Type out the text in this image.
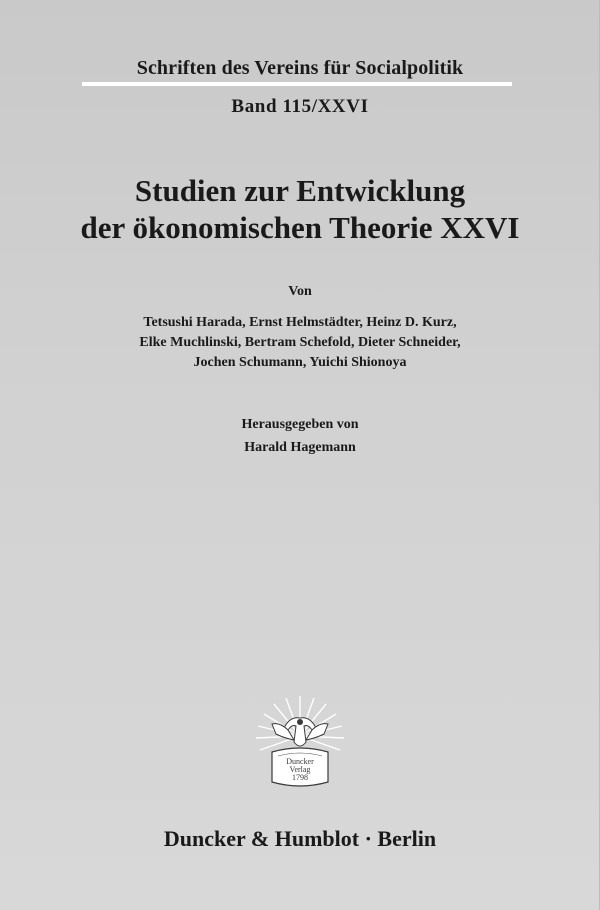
Schriften des Vereins für Socialpolitik
Band 115/XXVI
Studien zur Entwicklung
der ökonomischen Theorie XXVI
Von
Tetsushi Harada, Ernst Helmstädter, Heinz D. Kurz,
Elke Muchlinski, Bertram Schefold, Dieter Schneider,
Jochen Schumann, Yuichi Shionoya
Herausgegeben von
Harald Hagemann
Duncker
Verlag
1798
Duncker & Humblot · Berlin
